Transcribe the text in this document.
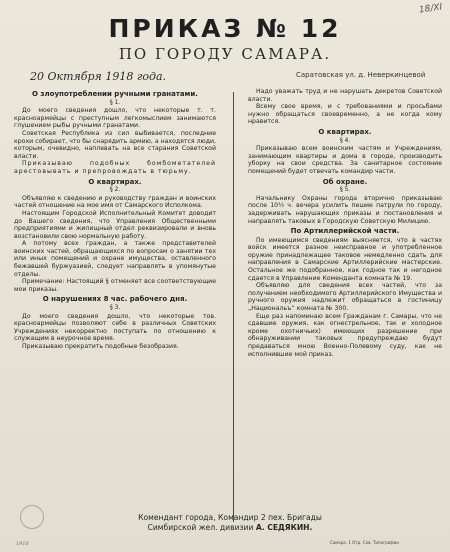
18/XI
ПРИКАЗ № 12
ПО ГОРОДУ САМАРА.
20 Октября 1918 года.	Саратовская ул. д. Неверкинцевой
О злоупотреблении ручными гранатами.
§ 1.

До моего сведения дошло, что некоторые т. т. красноармейцы с преступным легкомыслием занимаются глушением рыбы ручными гранатами.

Советская Республика из сил выбивается, последние крохи собирает, что бы снарядить армию, а находятся люди, которым, очевидно, наплевать на все старания Советской власти.

Приказываю подобных бомбометателей арестовывать и препровождать в тюрьму.

О квартирах.
§ 2.

Объявляю к сведению и руководству граждан и воинских частей отношение на мое имя от Самарского Исполкома.

Настоящим Городской Исполнительный Комитет доводит до Вашего сведения, что Управления Общественными предприятиями и жилищный отдел реквизировали и вновь возстановили свою нормальную работу.

А потому всех граждан, а также представителей воинских частей, обращающихся по вопросам о занятии тех или иных помещений и охране имущества, оставленного бежавшей буржуазией, следует направлять в упомянутые отделы.

Примечание: Настоящий § отменяет все соответствующие мои приказы.

О нарушениях 8 час. рабочего дня.
§ 3.

До моего сведения дошло, что некоторые тов. красноармейцы позволяют себе в различных Советских Учреждениях некорректно поступать по отношению к служащим в неурочное время.

Приказываю прекратить подобные безобразия.

Надо уважать труд и не нарушать декретов Советской власти.

Всему свое время, и с требованиями и просьбами нужно обращаться своевременно, а не когда кому нравится.

О квартирах.
§ 4.

Приказываю всем воинским частям и Учреждениям, занимающим квартиры и дома в городе, производить уборку на свои средства. За санитарное состояние помещений будет отвечать командир части.

Об охране.
§ 5.

Начальнику Охраны города вторично приказываю после 10½ ч. вечера усилить пешие патрули по городу, задерживать нарушающих приказы и постановления и направлять таковых в Городскую Советскую Милицию.

По Артиллерийской части.

По имеющимся сведениям выясняется, что в частях войск имеется разное неисправное и употребленное оружие принадлежащее таковое немедленно сдать для направления в Самарские Артиллерийские мастерские. Остальное же подобранное, как годное так и негодное сдается в Управление Коменданта комната № 19.

Объявляю для сведения всех частей, что за получением необходимого Артиллерийского Имущества и ручного оружия надлежит обращаться в гостиницу „Национальъ“ комната № 300.

Еще раз напоминаю всем Гражданам г. Самары, что не сдавшие оружия, как огнестрельное, так и холодное кроме охотничьих) имеющих разрешение при обнаруживании таковых предупреждаю будут предаваться мною Военно-Полевому суду, как не исполнившие мой приказ.

1918
Комендант города, Командир 2 пех. Бригады
Симбирской жел. дивизии А. СЕДЯКИН.
Самара. 1 Отд. Сов. Типографии
